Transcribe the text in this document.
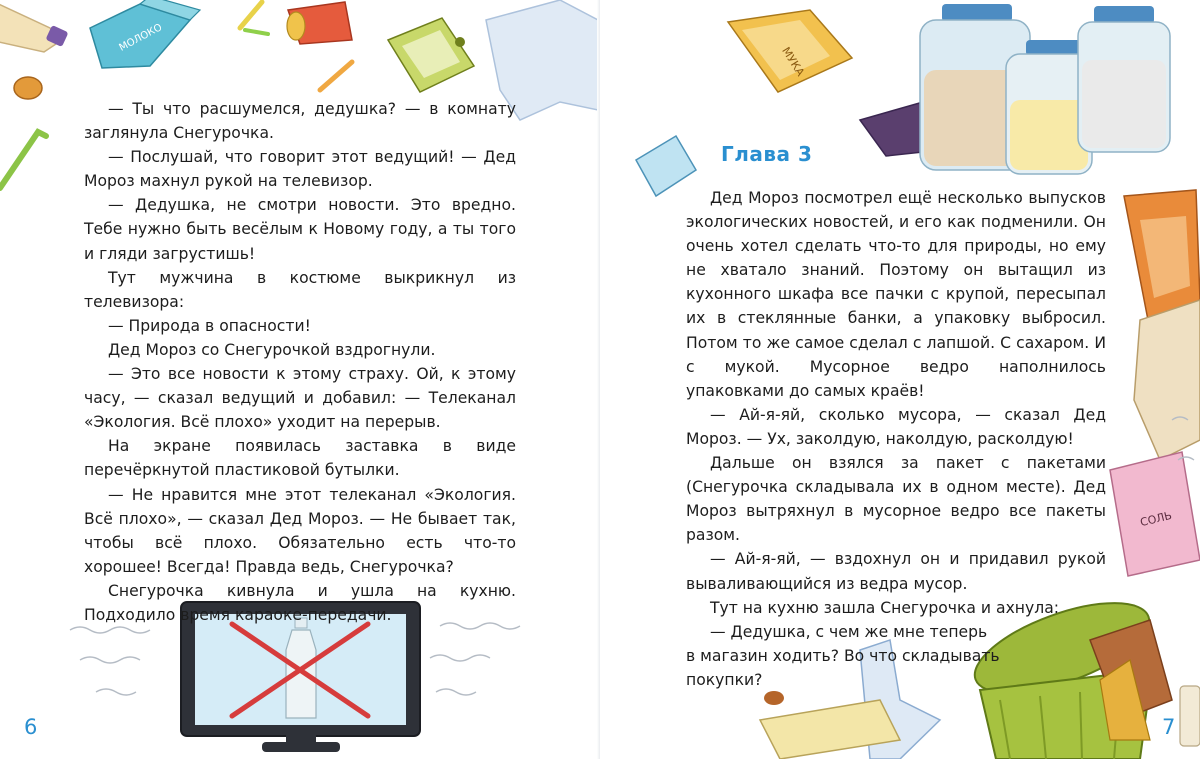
МОЛОКО

— Ты что расшумелся, дедушка? — в комнату заглянула Снегурочка.

— Послушай, что говорит этот ведущий! — Дед Мороз махнул рукой на телевизор.

— Дедушка, не смотри новости. Это вредно. Тебе нужно быть весёлым к Новому году, а ты того и гляди загрустишь!

Тут мужчина в костюме выкрикнул из телевизора:

— Природа в опасности!

Дед Мороз со Снегурочкой вздрогнули.

— Это все новости к этому страху. Ой, к этому часу, — сказал ведущий и добавил: — Телеканал «Экология. Всё плохо» уходит на перерыв.

На экране появилась заставка в виде перечёркнутой пластиковой бутылки.

— Не нравится мне этот телеканал «Экология. Всё плохо», — сказал Дед Мороз. — Не бывает так, чтобы всё плохо. Обязательно есть что-то хорошее! Всегда! Правда ведь, Снегурочка?

Снегурочка кивнула и ушла на кухню. Подходило время караоке-передачи.

6
МУКА
СОЛЬ
Глава 3

Дед Мороз посмотрел ещё несколько выпусков экологических новостей, и его как подменили. Он очень хотел сделать что-то для природы, но ему не хватало знаний. Поэтому он вытащил из кухонного шкафа все пачки с крупой, пересыпал их в стеклянные банки, а упаковку выбросил. Потом то же самое сделал с лапшой. С сахаром. И с мукой. Мусорное ведро наполнилось упаковками до самых краёв!

— Ай-я-яй, сколько мусора, — сказал Дед Мороз. — Ух, заколдую, наколдую, расколдую!

Дальше он взялся за пакет с пакетами (Снегурочка складывала их в одном месте). Дед Мороз вытряхнул в мусорное ведро все пакеты разом.

— Ай-я-яй, — вздохнул он и придавил рукой вываливающийся из ведра мусор.

Тут на кухню зашла Снегурочка и ахнула:

— Дедушка, с чем же мне теперь

в магазин ходить? Во что складывать

покупки?

7
